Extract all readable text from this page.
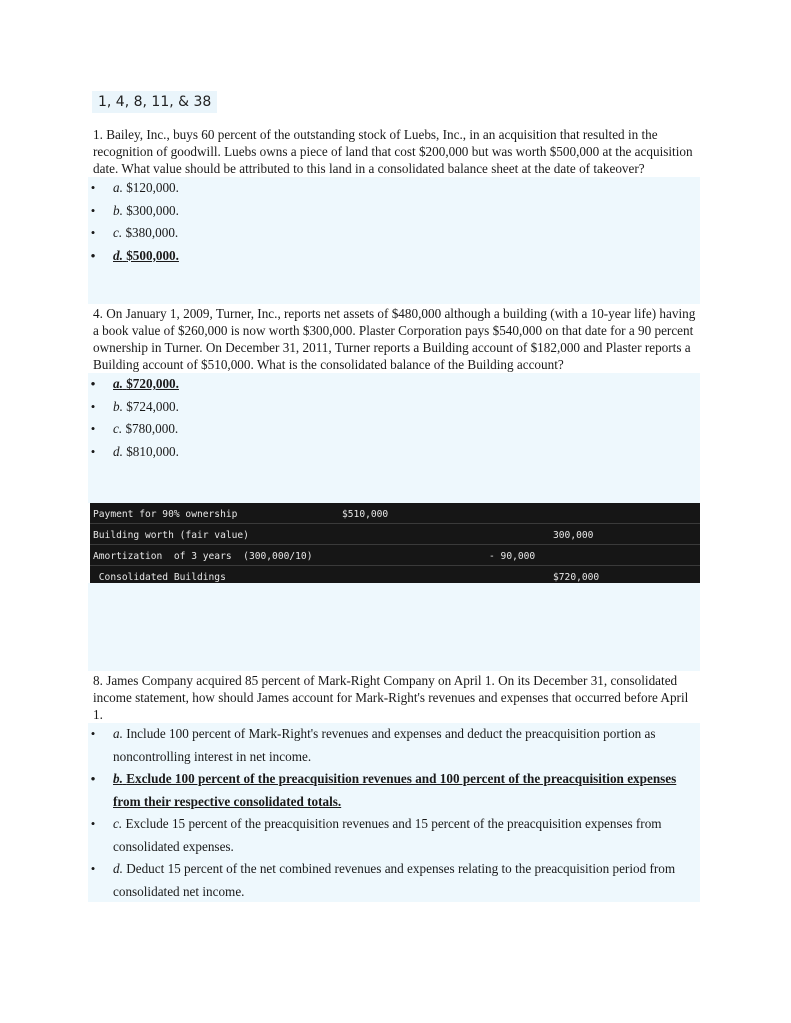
1, 4, 8, 11, & 38

1. Bailey, Inc., buys 60 percent of the outstanding stock of Luebs, Inc., in an acquisition that resulted in the recognition of goodwill. Luebs owns a piece of land that cost $200,000 but was worth $500,000 at the acquisition date. What value should be attributed to this land in a consolidated balance sheet at the date of takeover?

• a. $120,000.
• b. $300,000.
• c. $380,000.
• d. $500,000.

4. On January 1, 2009, Turner, Inc., reports net assets of $480,000 although a building (with a 10-year life) having a book value of $260,000 is now worth $300,000. Plaster Corporation pays $540,000 on that date for a 90 percent ownership in Turner. On December 31, 2011, Turner reports a Building account of $182,000 and Plaster reports a Building account of $510,000. What is the consolidated balance of the Building account?

• a. $720,000.
• b. $724,000.
• c. $780,000.
• d. $810,000.
Payment for 90% ownership	$510,000
Building worth (fair value)	300,000
Amortization  of 3 years  (300,000/10)	- 90,000
Consolidated Buildings	$720,000

8. James Company acquired 85 percent of Mark-Right Company on April 1. On its December 31, consolidated income statement, how should James account for Mark-Right's revenues and expenses that occurred before April 1.

• a. Include 100 percent of Mark-Right's revenues and expenses and deduct the preacquisition portion as noncontrolling interest in net income.
• b. Exclude 100 percent of the preacquisition revenues and 100 percent of the preacquisition expenses from their respective consolidated totals.
• c. Exclude 15 percent of the preacquisition revenues and 15 percent of the preacquisition expenses from consolidated expenses.
• d. Deduct 15 percent of the net combined revenues and expenses relating to the preacquisition period from consolidated net income.
